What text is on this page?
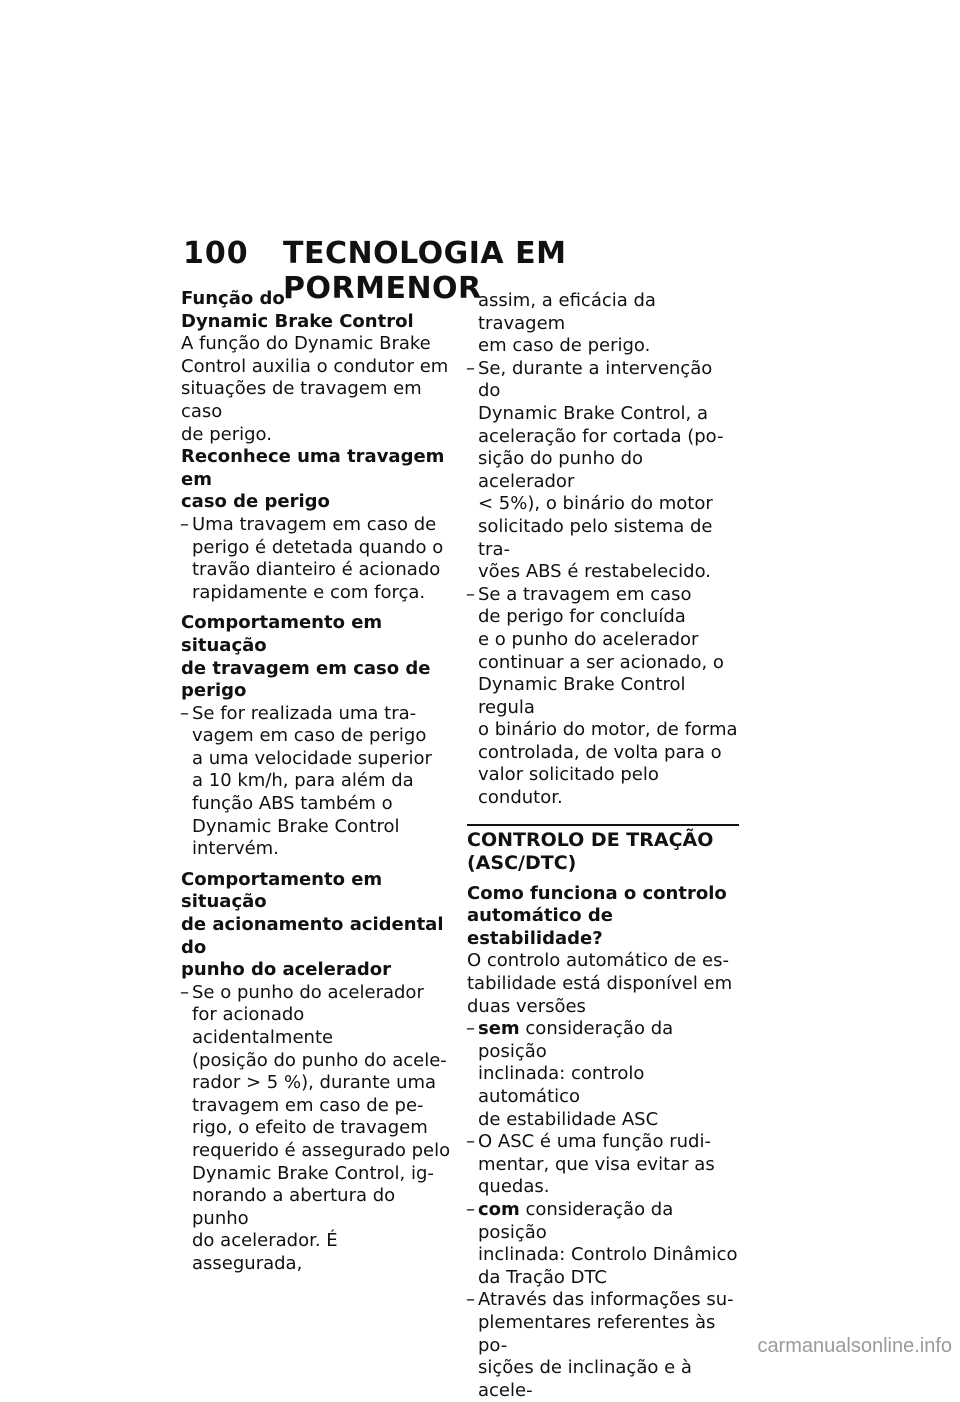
100 TECNOLOGIA EM PORMENOR
Função do
Dynamic Brake Control

A função do Dynamic Brake
Control auxilia o condutor em
situações de travagem em caso
de perigo.

Reconhece uma travagem em
caso de perigo
– Uma travagem em caso de
perigo é detetada quando o
travão dianteiro é acionado
rapidamente e com força.
Comportamento em situação
de travagem em caso de
perigo
– Se for realizada uma tra-
vagem em caso de perigo
a uma velocidade superior
a 10 km/h, para além da
função ABS também o
Dynamic Brake Control
intervém.
Comportamento em situação
de acionamento acidental do
punho do acelerador
– Se o punho do acelerador
for acionado acidentalmente
(posição do punho do acele-
rador > 5 %), durante uma
travagem em caso de pe-
rigo, o efeito de travagem
requerido é assegurado pelo
Dynamic Brake Control, ig-
norando a abertura do punho
do acelerador. É assegurada,

assim, a eficácia da travagem
em caso de perigo.

– Se, durante a intervenção do
Dynamic Brake Control, a
aceleração for cortada (po-
sição do punho do acelerador
< 5%), o binário do motor
solicitado pelo sistema de tra-
vões ABS é restabelecido.
– Se a travagem em caso
de perigo for concluída
e o punho do acelerador
continuar a ser acionado, o
Dynamic Brake Control regula
o binário do motor, de forma
controlada, de volta para o
valor solicitado pelo condutor.
CONTROLO DE TRAÇÃO
(ASC/DTC)
Como funciona o controlo
automático de estabilidade?

O controlo automático de es-
tabilidade está disponível em
duas versões

– sem consideração da posição
inclinada: controlo automático
de estabilidade ASC
– O ASC é uma função rudi-
mentar, que visa evitar as
quedas.
– com consideração da posição
inclinada: Controlo Dinâmico
da Tração DTC
– Através das informações su-
plementares referentes às po-
sições de inclinação e à acele-
carmanualsonline.info
